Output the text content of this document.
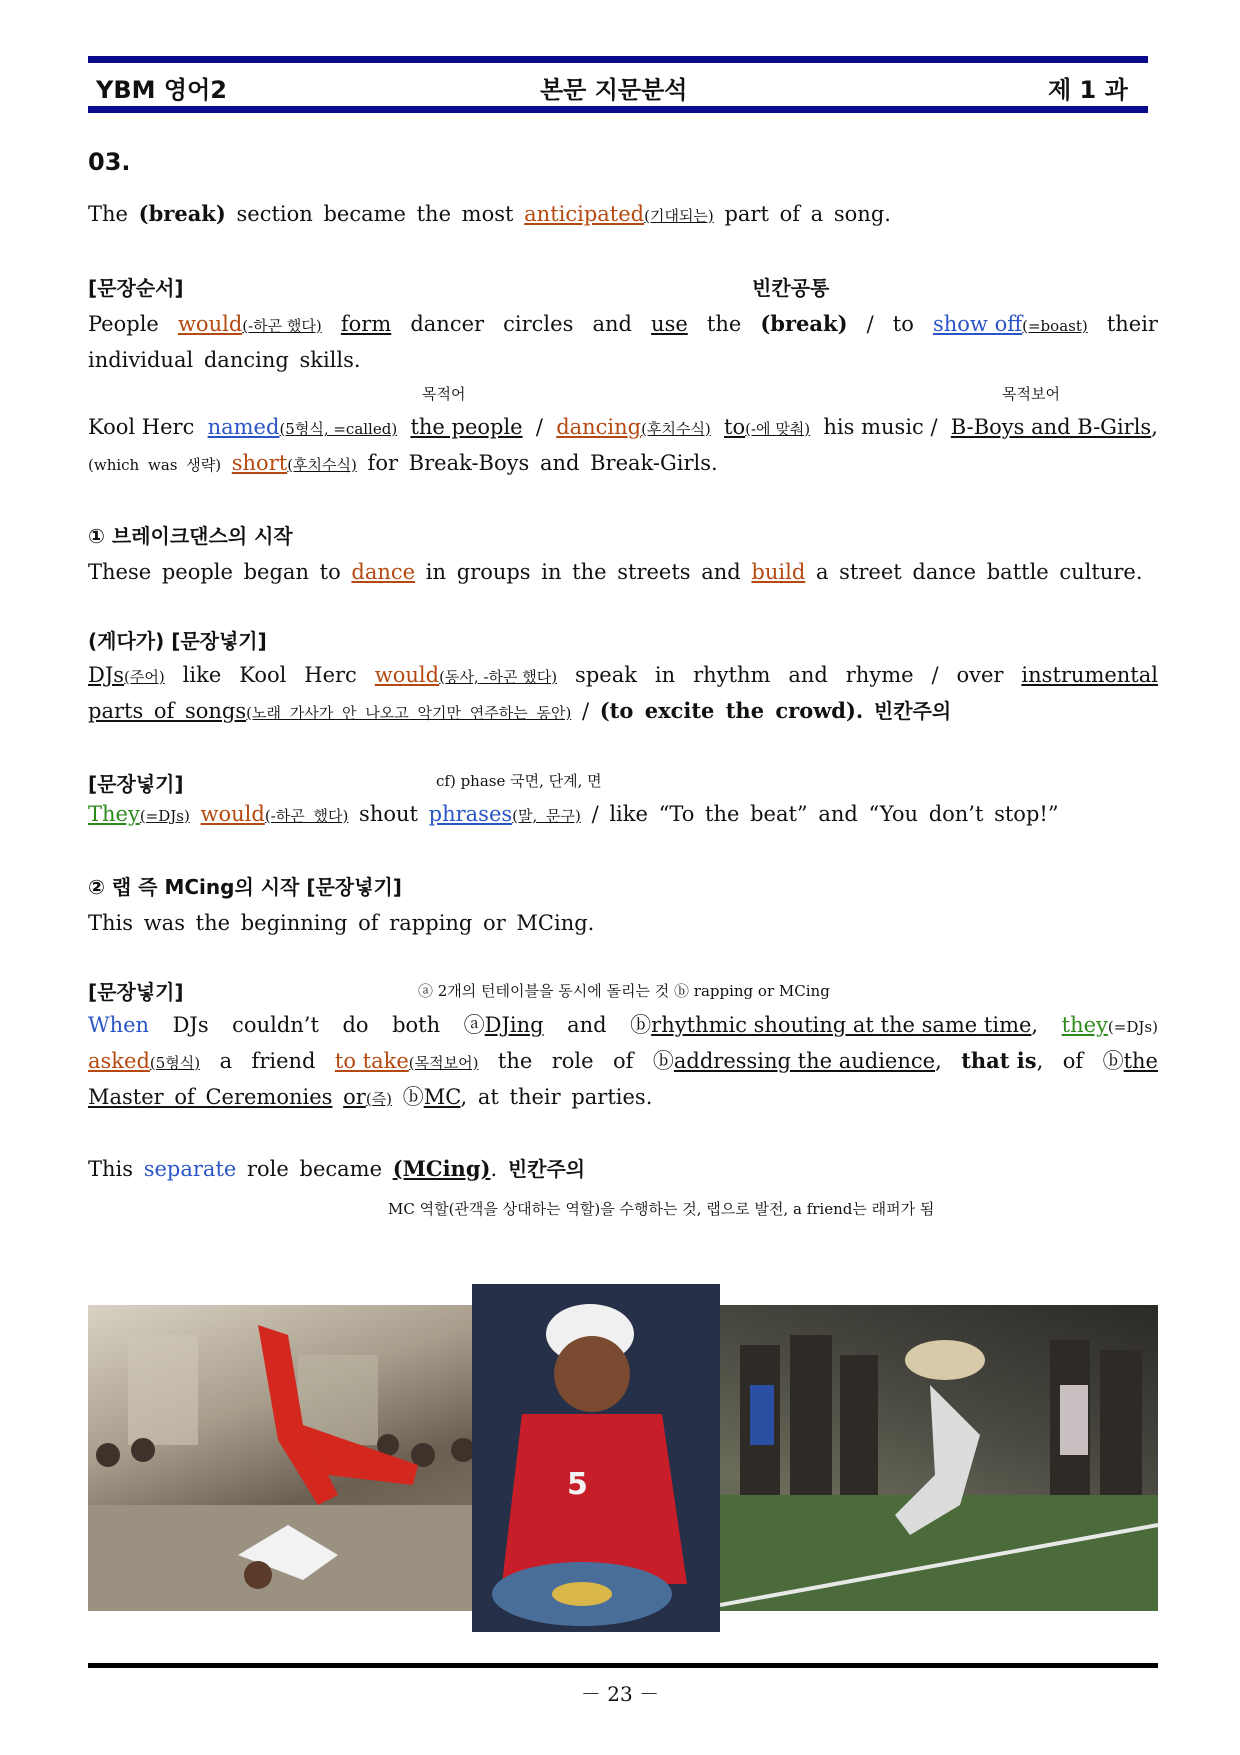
YBM 영어2	본문 지문분석	제 1 과
03.
The (break) section became the most anticipated(기대되는) part of a song.
[문장순서]	빈칸공통
People would(-하곤 했다) form dancer circles and use the (break) / to show off(=boast) their
individual dancing skills.
목적어	목적보어
Kool Herc named(5형식, =called) the people / dancing(후치수식) to(-에 맞춰) his music / B-Boys and B-Girls,
(which was 생략) short(후치수식) for Break-Boys and Break-Girls.
① 브레이크댄스의 시작
These people began to dance in groups in the streets and build a street dance battle culture.
(게다가) [문장넣기]
DJs(주어) like Kool Herc would(동사, -하곤 했다) speak in rhythm and rhyme / over instrumental
parts of songs(노래 가사가 안 나오고 악기만 연주하는 동안) / (to excite the crowd). 빈칸주의
[문장넣기]	cf) phase 국면, 단계, 면
They(=DJs) would(-하곤 했다) shout phrases(말, 문구) / like “To the beat” and “You don’t stop!”
② 랩 즉 MCing의 시작 [문장넣기]
This was the beginning of rapping or MCing.
[문장넣기]	ⓐ 2개의 턴테이블을 동시에 돌리는 것 ⓑ rapping or MCing
When DJs couldn’t do both ⓐDJing and ⓑrhythmic shouting at the same time, they(=DJs)
asked(5형식) a friend to take(목적보어) the role of ⓑaddressing the audience, that is, of ⓑthe
Master of Ceremonies or(즉) ⓑMC, at their parties.
This separate role became (MCing). 빈칸주의
MC 역할(관객을 상대하는 역할)을 수행하는 것, 랩으로 발전, a friend는 래퍼가 됨
5
－ 23 －
